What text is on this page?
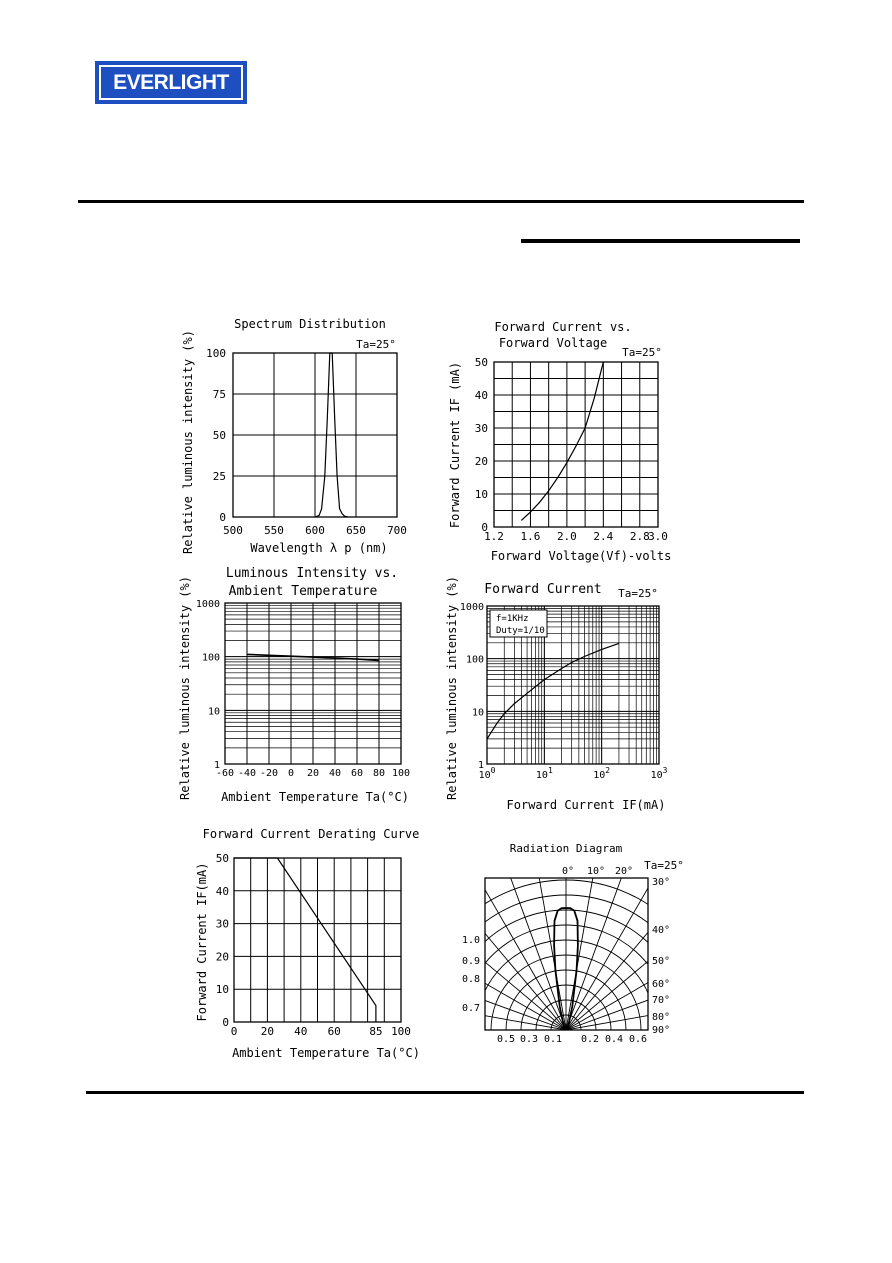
EVERLIGHT
500 550 600 650 700
0
25
50
75
100
Spectrum Distribution
Ta=25°
Wavelength λ p (nm)
Relative luminous intensity (%)	1.2 1.6 2.0 2.4 2.8
3.0
0
10
20
30
40
50
Forward Current vs.
Forward Voltage
Ta=25°
Forward Voltage(Vf)-volts
Forward Current IF (mA)
-60 -40 -20 0 20 40 60 80 100
1
10
100
1000
Luminous Intensity vs.
Ambient Temperature
Ambient Temperature Ta(°C)
Relative luminous intensity (%)	$10^0$	$10^1$	$10^2$	$10^3$
1
10
100
1000
f=1KHz
Duty=1/10
Forward Current Ta=25°
Forward Current IF(mA)
Relative luminous intensity (%)
0 20 40 60	85 100
0
10
20
30
40
50
Forward Current Derating Curve
Ambient Temperature Ta(°C)
Forward Current IF(mA)
Radiation Diagram
Ta=25°
0° 10° 20°
30°
40°
50°
60°
70°
80°
90°
1.0
0.9
0.8
0.7
0.5 0.3 0.1 0.2 0.4 0.6
